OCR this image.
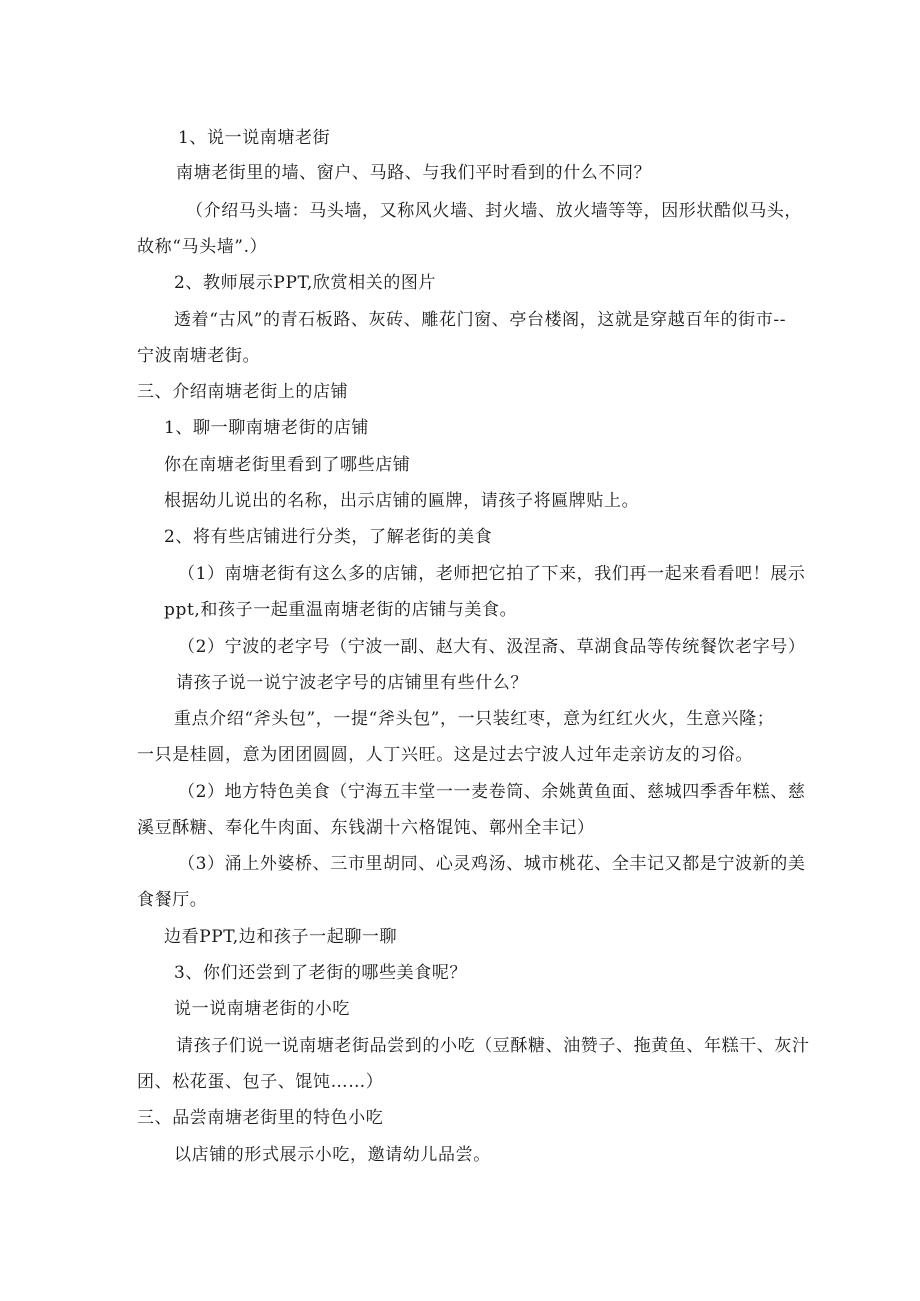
1、说一说南塘老街
南塘老街里的墙、窗户、马路、与我们平时看到的什么不同？
（介绍马头墙：马头墙，又称风火墙、封火墙、放火墙等等，因形状酷似马头，
故称“马头墙”.）
2、教师展示PPT,欣赏相关的图片
透着“古风”的青石板路、灰砖、雕花门窗、亭台楼阁，这就是穿越百年的街市--
宁波南塘老街。
三、介绍南塘老街上的店铺
1、聊一聊南塘老街的店铺
你在南塘老街里看到了哪些店铺
根据幼儿说出的名称，出示店铺的匾牌，请孩子将匾牌贴上。
2、将有些店铺进行分类，了解老街的美食
（1）南塘老街有这么多的店铺，老师把它拍了下来，我们再一起来看看吧！展示
ppt,和孩子一起重温南塘老街的店铺与美食。
（2）宁波的老字号（宁波一副、赵大有、汲涅斋、草湖食品等传统餐饮老字号）
请孩子说一说宁波老字号的店铺里有些什么？
重点介绍“斧头包”，一提“斧头包”，一只装红枣，意为红红火火，生意兴隆；
一只是桂圆，意为团团圆圆，人丁兴旺。这是过去宁波人过年走亲访友的习俗。
（2）地方特色美食（宁海五丰堂一一麦卷筒、余姚黄鱼面、慈城四季香年糕、慈
溪豆酥糖、奉化牛肉面、东钱湖十六格馄饨、鄣州全丰记）
（3）涌上外婆桥、三市里胡同、心灵鸡汤、城市桃花、全丰记又都是宁波新的美
食餐厅。
边看PPT,边和孩子一起聊一聊
3、你们还尝到了老街的哪些美食呢？
说一说南塘老街的小吃
请孩子们说一说南塘老街品尝到的小吃（豆酥糖、油赞子、拖黄鱼、年糕干、灰汁
团、松花蛋、包子、馄饨……）
三、品尝南塘老街里的特色小吃
以店铺的形式展示小吃，邀请幼儿品尝。
